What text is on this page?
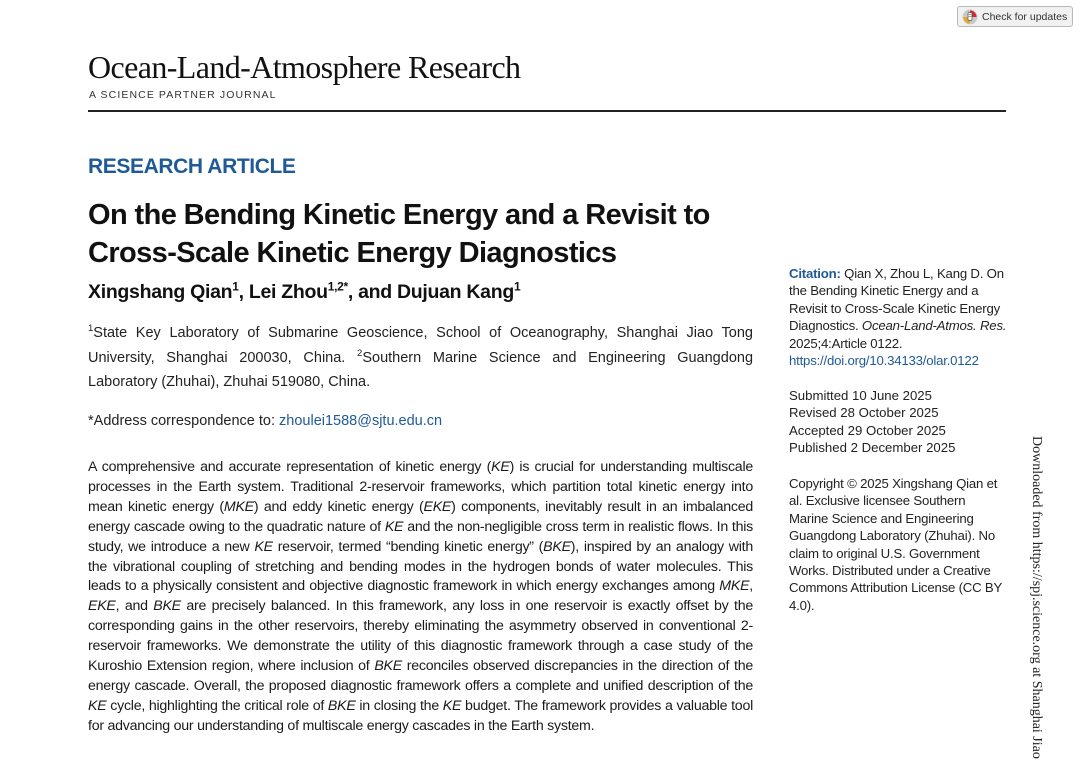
Check for updates
Ocean-Land-Atmosphere Research
A SCIENCE PARTNER JOURNAL
RESEARCH ARTICLE
On the Bending Kinetic Energy and a Revisit to Cross-Scale Kinetic Energy Diagnostics
Xingshang Qian$^1$, Lei Zhou$^{1,2*}$, and Dujuan Kang$^1$
$^1$State Key Laboratory of Submarine Geoscience, School of Oceanography, Shanghai Jiao Tong University, Shanghai 200030, China. $^2$Southern Marine Science and Engineering Guangdong Laboratory (Zhuhai), Zhuhai 519080, China.
*Address correspondence to: zhoulei1588@sjtu.edu.cn

A comprehensive and accurate representation of kinetic energy (KE) is crucial for understanding multiscale processes in the Earth system. Traditional 2-reservoir frameworks, which partition total kinetic energy into mean kinetic energy (MKE) and eddy kinetic energy (EKE) components, inevitably result in an imbalanced energy cascade owing to the quadratic nature of KE and the non-negligible cross term in realistic flows. In this study, we introduce a new KE reservoir, termed “bending kinetic energy” (BKE), inspired by an analogy with the vibrational coupling of stretching and bending modes in the hydrogen bonds of water molecules. This leads to a physically consistent and objective diagnostic framework in which energy exchanges among MKE, EKE, and BKE are precisely balanced. In this framework, any loss in one reservoir is exactly offset by the corresponding gains in the other reservoirs, thereby eliminating the asymmetry observed in conventional 2-reservoir frameworks. We demonstrate the utility of this diagnostic framework through a case study of the Kuroshio Extension region, where inclusion of BKE reconciles observed discrepancies in the direction of the energy cascade. Overall, the proposed diagnostic framework offers a complete and unified description of the KE cycle, highlighting the critical role of BKE in closing the KE budget. The framework provides a valuable tool for advancing our understanding of multiscale energy cascades in the Earth system.

Citation: Qian X, Zhou L, Kang D. On the Bending Kinetic Energy and a Revisit to Cross-Scale Kinetic Energy Diagnostics. Ocean-Land-Atmos. Res. 2025;4:Article 0122. https://doi.org/10.34133/olar.0122
Submitted 10 June 2025
Revised 28 October 2025
Accepted 29 October 2025
Published 2 December 2025
Copyright © 2025 Xingshang Qian et al. Exclusive licensee Southern Marine Science and Engineering Guangdong Laboratory (Zhuhai). No claim to original U.S. Government Works. Distributed under a Creative Commons Attribution License (CC BY 4.0).	Downloaded from https://spj.science.org at Shanghai Jiao
